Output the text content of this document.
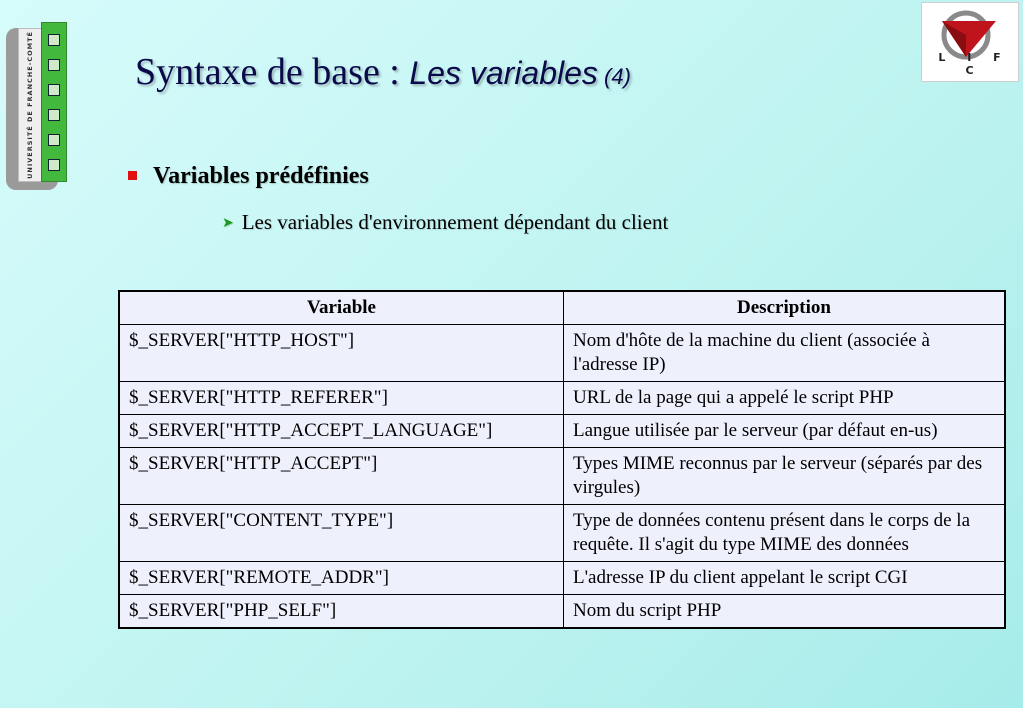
UNIVERSITÉ DE FRANCHE-COMTÉ	Syntaxe de base : Les variables (4)
L I F C
Variables prédéfinies
➤ Les variables d'environnement dépendant du client
Variable	Description
$_SERVER["HTTP_HOST"]	Nom d'hôte de la machine du client (associée à l'adresse IP)
$_SERVER["HTTP_REFERER"]	URL de la page qui a appelé le script PHP
$_SERVER["HTTP_ACCEPT_LANGUAGE"]	Langue utilisée par le serveur (par défaut en-us)
$_SERVER["HTTP_ACCEPT"]	Types MIME reconnus par le serveur (séparés par des virgules)
$_SERVER["CONTENT_TYPE"]	Type de données contenu présent dans le corps de la requête. Il s'agit du type MIME des données
$_SERVER["REMOTE_ADDR"]	L'adresse IP du client appelant le script CGI
$_SERVER["PHP_SELF"]	Nom du script PHP
